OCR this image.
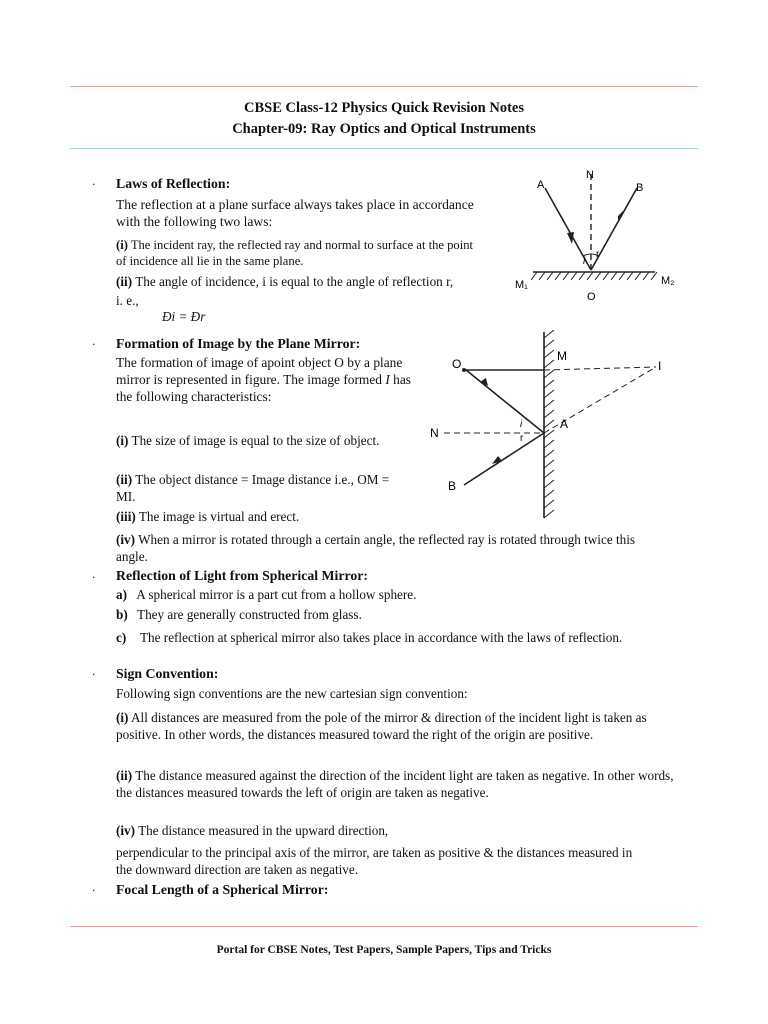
CBSE Class-12 Physics Quick Revision Notes
Chapter-09: Ray Optics and Optical Instruments
· Laws of Reflection:
The reflection at a plane surface always takes place in accordance with the following two laws:
(i) The incident ray, the reflected ray and normal to surface at the point of incidence all lie in the same plane.
(ii) The angle of incidence, i is equal to the angle of reflection r, i. e.,
Ði = Ðr
N
A	B
i
r
M₁	M₂
O
· Formation of Image by the Plane Mirror:
The formation of image of apoint object O by a plane mirror is represented in figure. The image formed I has the following characteristics:
(i) The size of image is equal to the size of object.
(ii) The object distance = Image distance i.e., OM = MI.
(iii) The image is virtual and erect.
(iv) When a mirror is rotated through a certain angle, the reflected ray is rotated through twice this angle.
O
M
I
N
i
r
A
B
· Reflection of Light from Spherical Mirror:
a) A spherical mirror is a part cut from a hollow sphere.
b) They are generally constructed from glass.
c) The reflection at spherical mirror also takes place in accordance with the laws of reflection.
· Sign Convention:
Following sign conventions are the new cartesian sign convention:
(i) All distances are measured from the pole of the mirror & direction of the incident light is taken as positive. In other words, the distances measured toward the right of the origin are positive.
(ii) The distance measured against the direction of the incident light are taken as negative. In other words, the distances measured towards the left of origin are taken as negative.
(iv) The distance measured in the upward direction,
perpendicular to the principal axis of the mirror, are taken as positive & the distances measured in the downward direction are taken as negative.
· Focal Length of a Spherical Mirror:
Portal for CBSE Notes, Test Papers, Sample Papers, Tips and Tricks
